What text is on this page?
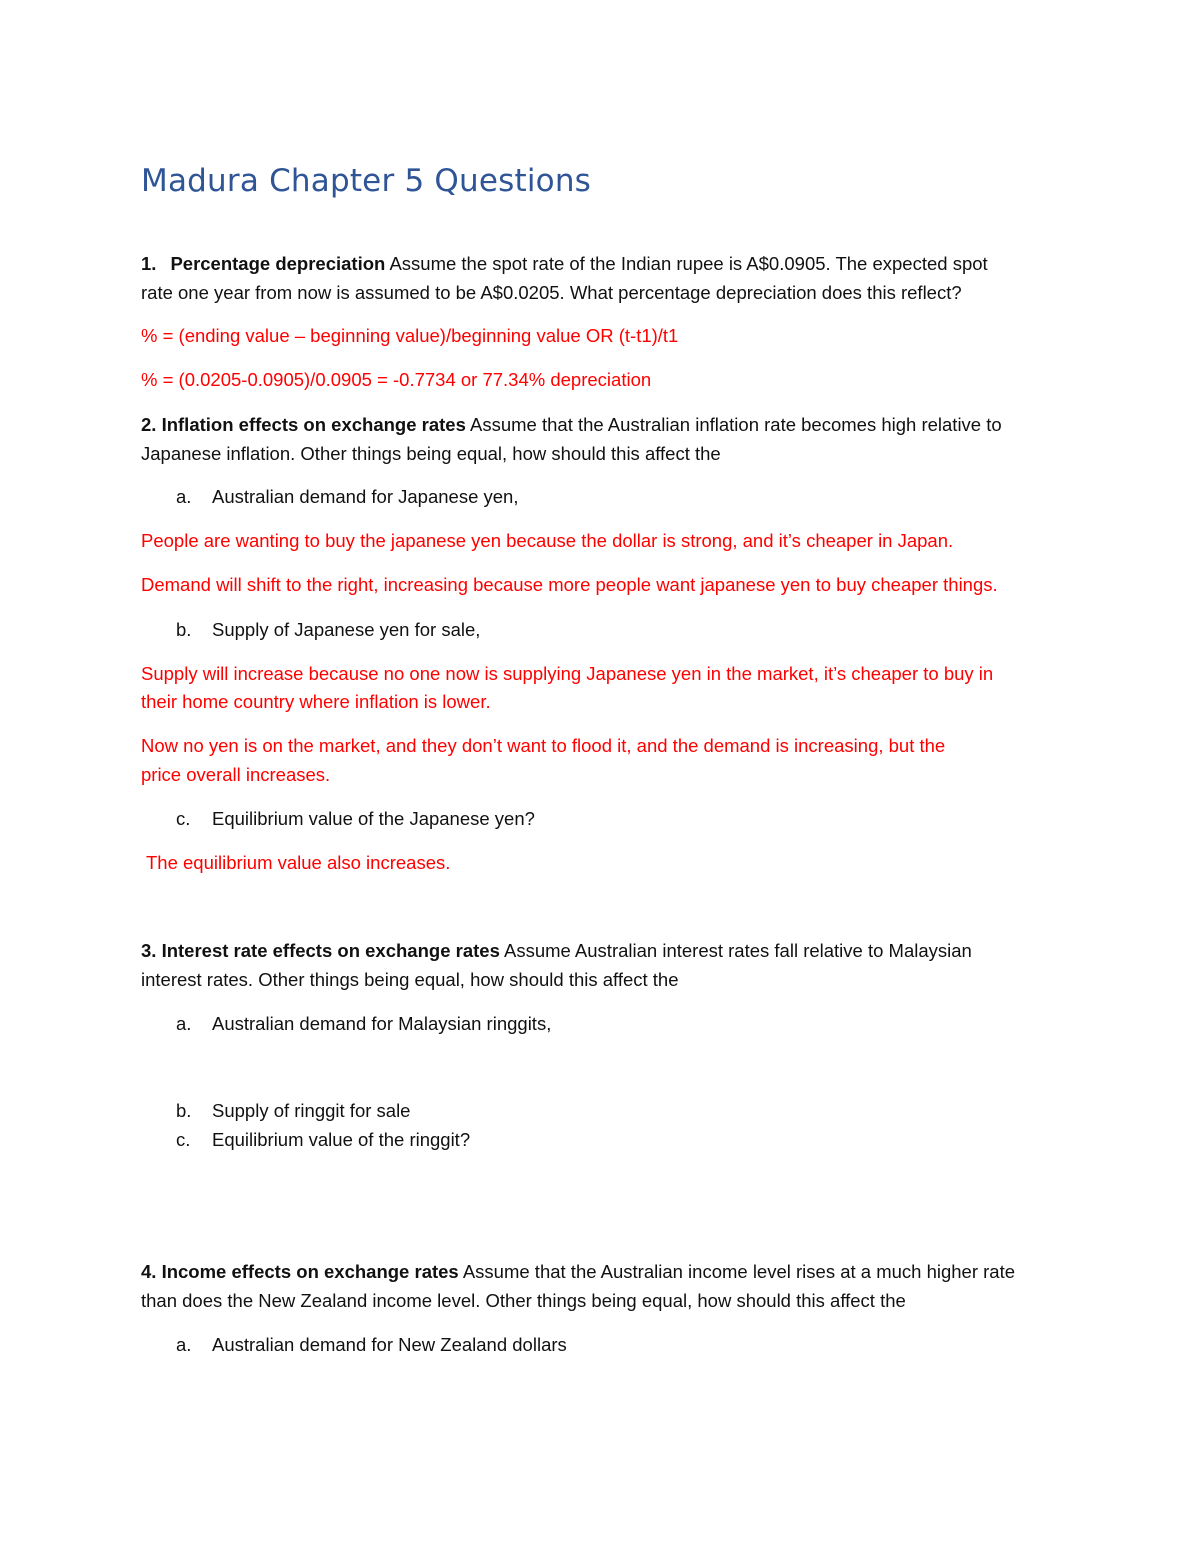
Madura Chapter 5 Questions
1. Percentage depreciation Assume the spot rate of the Indian rupee is A$0.0905. The expected spot
rate one year from now is assumed to be A$0.0205. What percentage depreciation does this reflect?
% = (ending value – beginning value)/beginning value OR (t-t1)/t1
% = (0.0205-0.0905)/0.0905 = -0.7734 or 77.34% depreciation
2. Inflation effects on exchange rates Assume that the Australian inflation rate becomes high relative to
Japanese inflation. Other things being equal, how should this affect the
a. Australian demand for Japanese yen,
People are wanting to buy the japanese yen because the dollar is strong, and it’s cheaper in Japan.
Demand will shift to the right, increasing because more people want japanese yen to buy cheaper things.
b. Supply of Japanese yen for sale,
Supply will increase because no one now is supplying Japanese yen in the market, it’s cheaper to buy in
their home country where inflation is lower.
Now no yen is on the market, and they don’t want to flood it, and the demand is increasing, but the
price overall increases.
c. Equilibrium value of the Japanese yen?
The equilibrium value also increases.
3. Interest rate effects on exchange rates Assume Australian interest rates fall relative to Malaysian
interest rates. Other things being equal, how should this affect the
a. Australian demand for Malaysian ringgits,
b. Supply of ringgit for sale
c. Equilibrium value of the ringgit?
4. Income effects on exchange rates Assume that the Australian income level rises at a much higher rate
than does the New Zealand income level. Other things being equal, how should this affect the
a. Australian demand for New Zealand dollars
